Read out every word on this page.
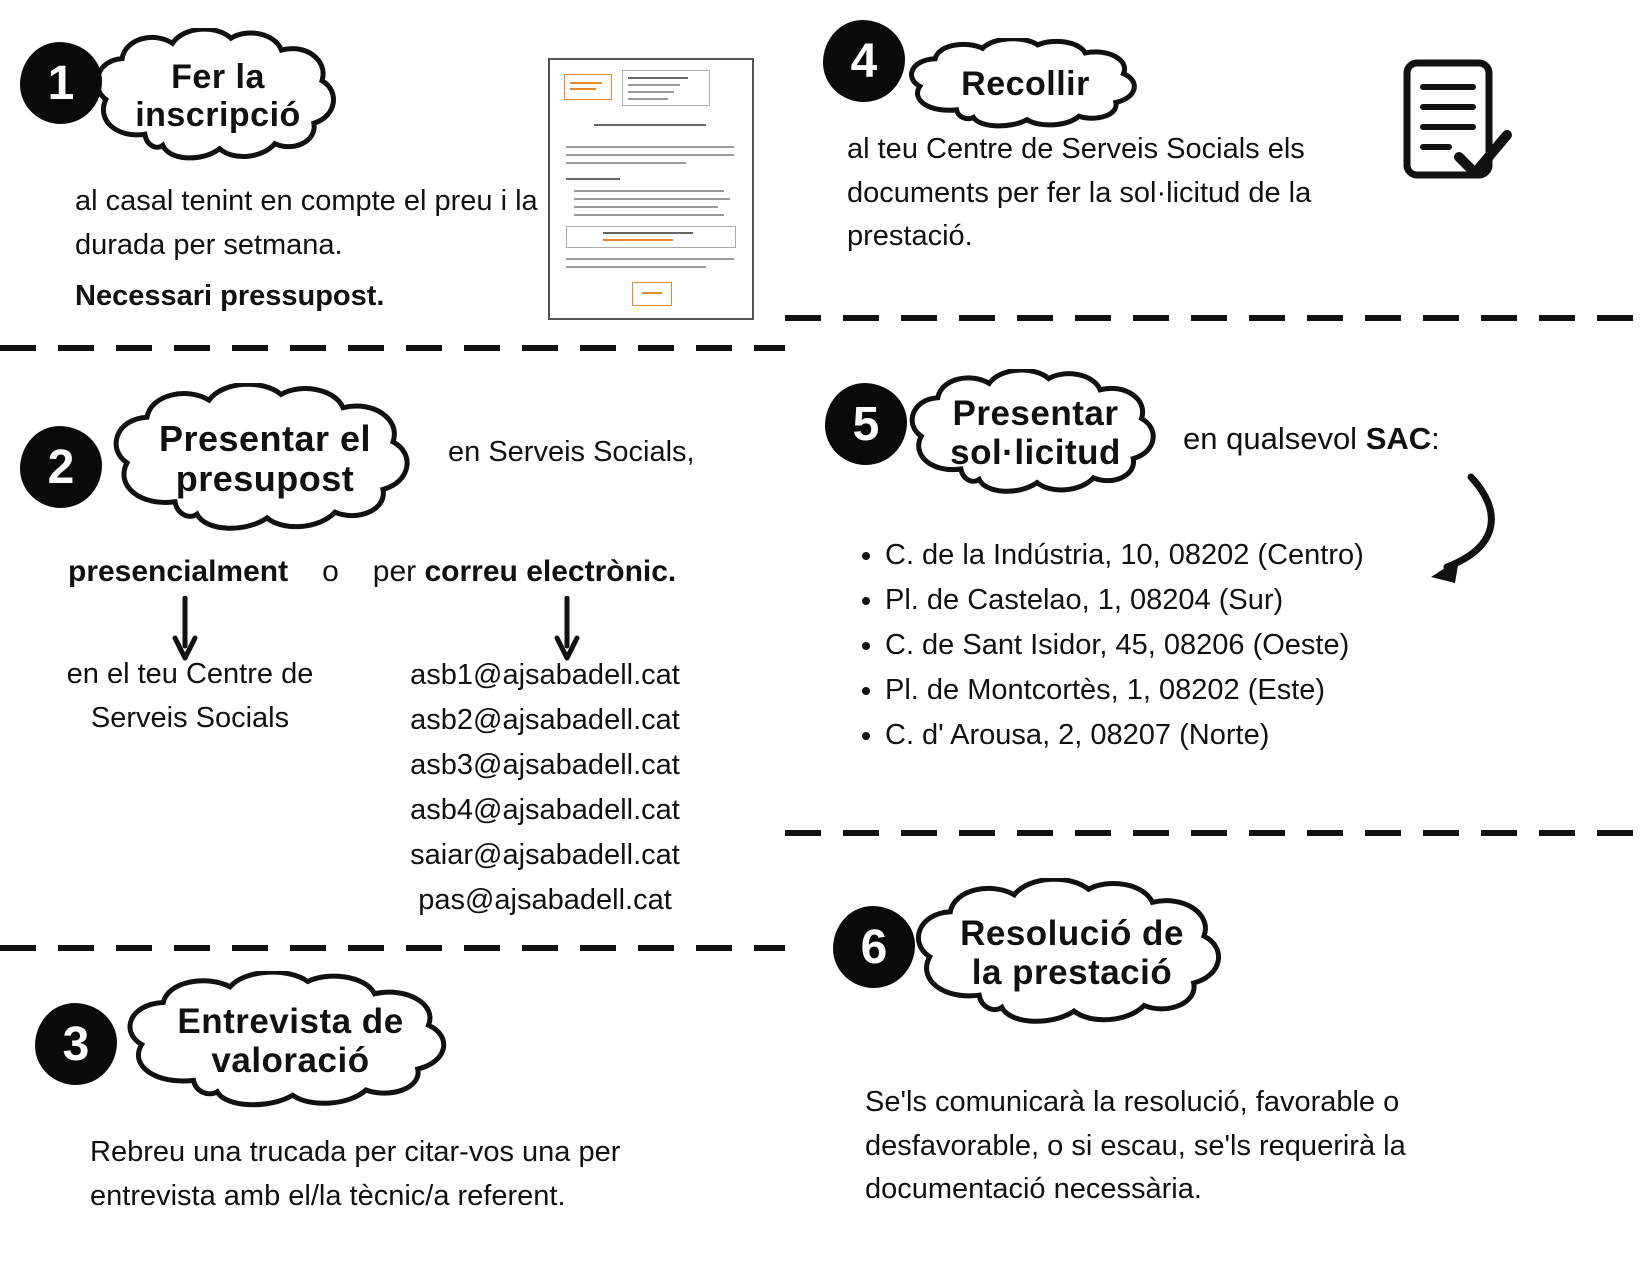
1	Fer la
inscripció
al casal tenint en compte el preu i la durada per setmana.
Necessari pressupost.
2
Presentar el
presupost
en Serveis Socials,
presencialment o per correu electrònic.
en el teu Centre de
Serveis Socials
asb1@ajsabadell.cat
asb2@ajsabadell.cat
asb3@ajsabadell.cat
asb4@ajsabadell.cat
saiar@ajsabadell.cat
pas@ajsabadell.cat
3	Entrevista de
valoració
Rebreu una trucada per citar-vos una per entrevista amb el/la tècnic/a referent.
4 Recollir
al teu Centre de Serveis Socials els documents per fer la sol·licitud de la prestació.
5 Presentar
sol·licitud en qualsevol SAC:
• C. de la Indústria, 10, 08202 (Centro)
• Pl. de Castelao, 1, 08204 (Sur)
• C. de Sant Isidor, 45, 08206 (Oeste)
• Pl. de Montcortès, 1, 08202 (Este)
• C. d' Arousa, 2, 08207 (Norte)
6 Resolució de
la prestació
Se'ls comunicarà la resolució, favorable o desfavorable, o si escau, se'ls requerirà la documentació necessària.
